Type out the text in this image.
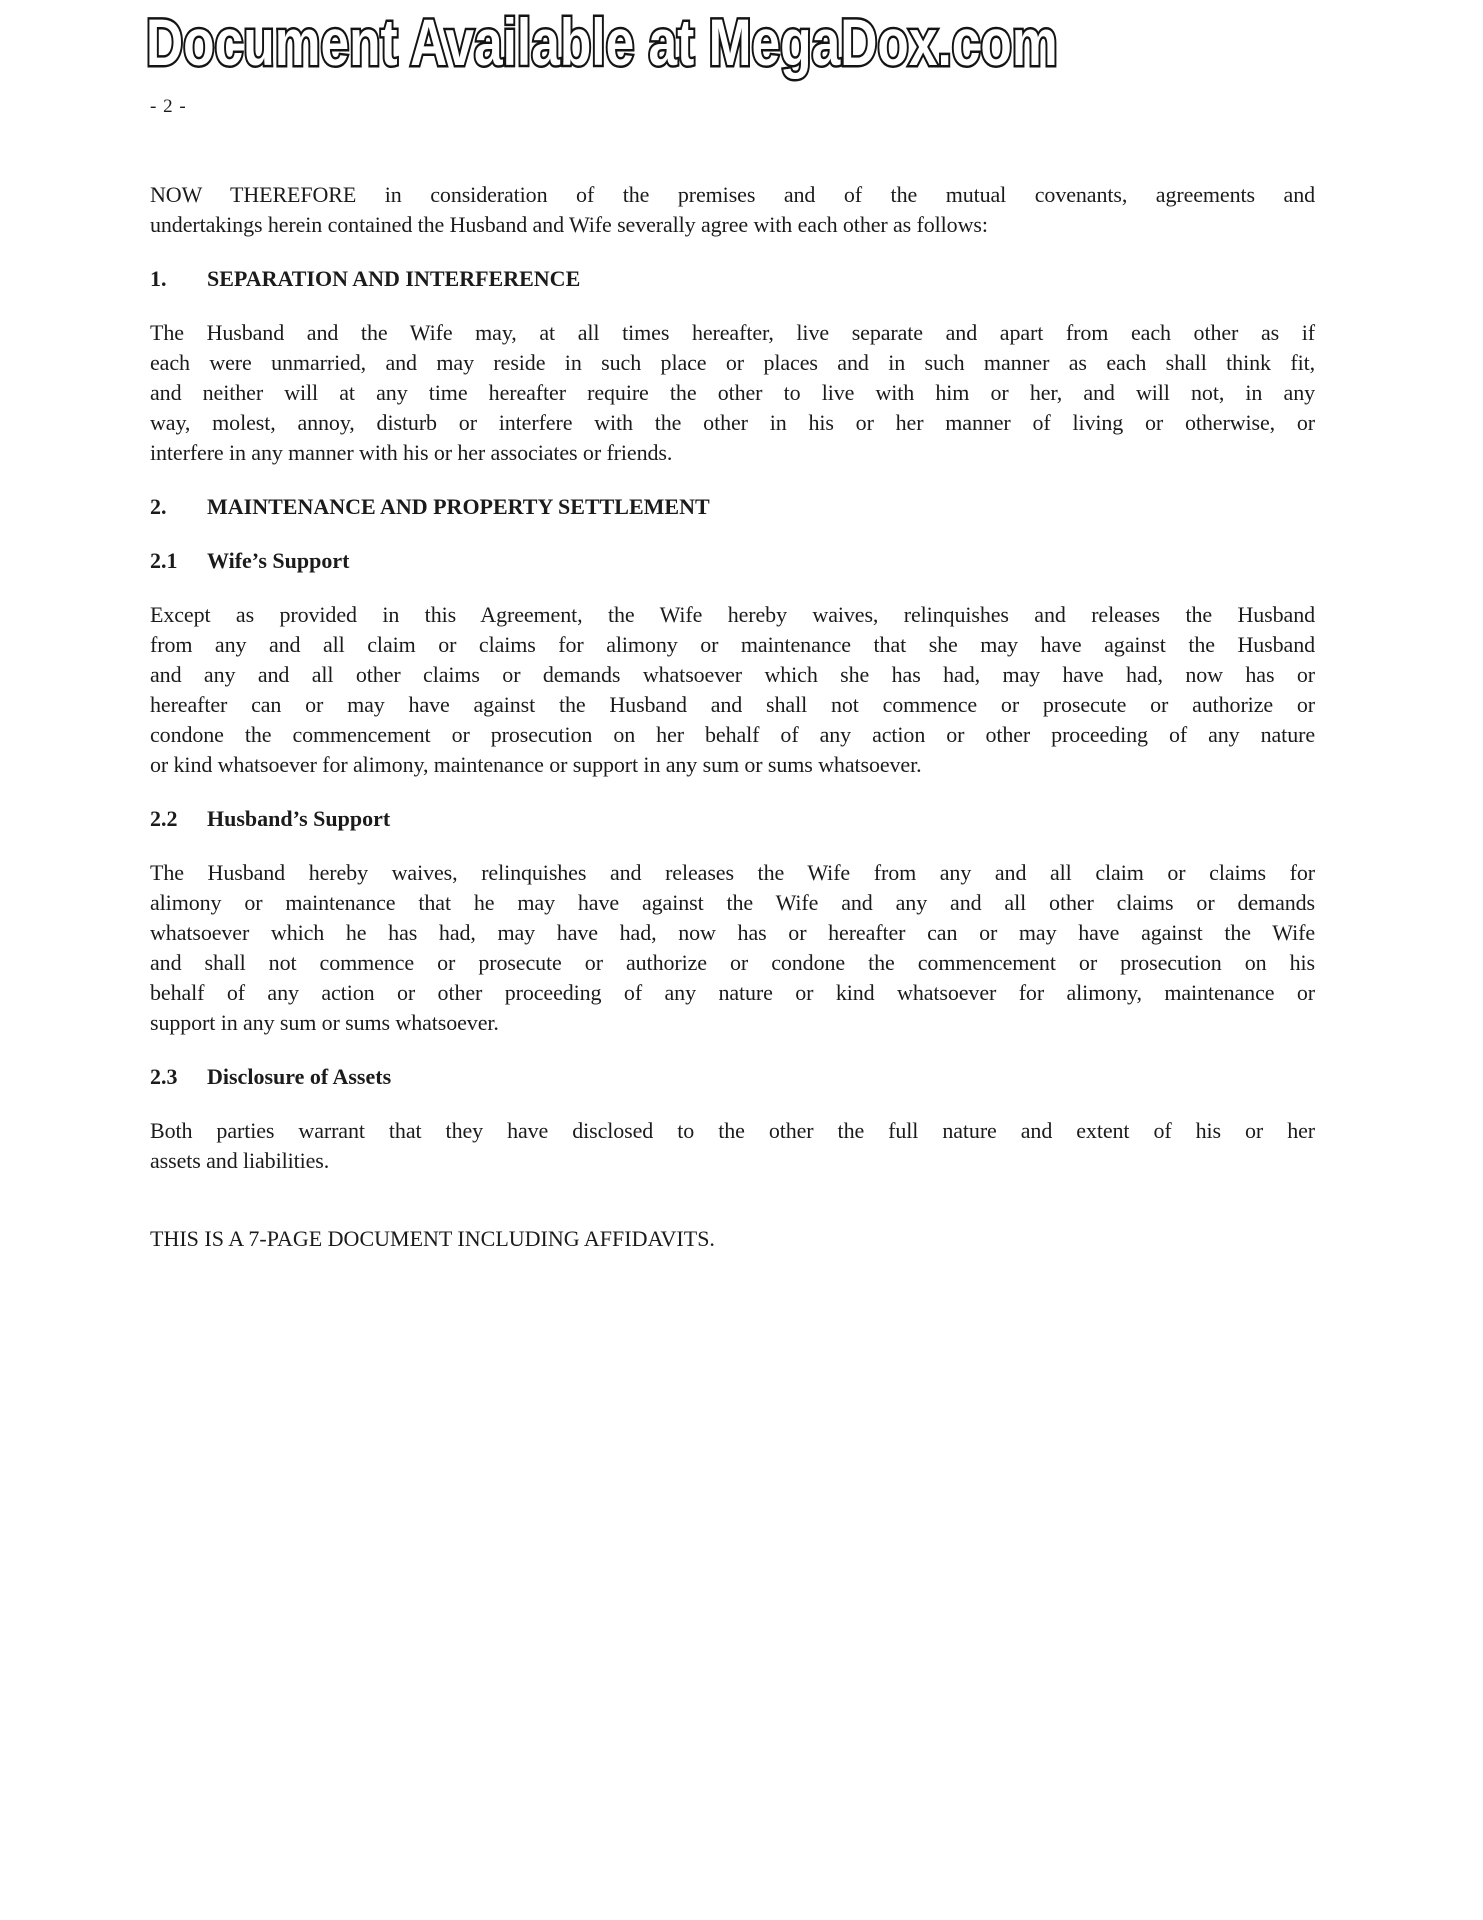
Document Available at MegaDox.com
- 2 -
NOW THEREFORE in consideration of the premises and of the mutual covenants, agreements and
undertakings herein contained the Husband and Wife severally agree with each other as follows:
1. SEPARATION AND INTERFERENCE
The Husband and the Wife may, at all times hereafter, live separate and apart from each other as if
each were unmarried, and may reside in such place or places and in such manner as each shall think fit,
and neither will at any time hereafter require the other to live with him or her, and will not, in any
way, molest, annoy, disturb or interfere with the other in his or her manner of living or otherwise, or
interfere in any manner with his or her associates or friends.
2. MAINTENANCE AND PROPERTY SETTLEMENT
2.1 Wife’s Support
Except as provided in this Agreement, the Wife hereby waives, relinquishes and releases the Husband
from any and all claim or claims for alimony or maintenance that she may have against the Husband
and any and all other claims or demands whatsoever which she has had, may have had, now has or
hereafter can or may have against the Husband and shall not commence or prosecute or authorize or
condone the commencement or prosecution on her behalf of any action or other proceeding of any nature
or kind whatsoever for alimony, maintenance or support in any sum or sums whatsoever.
2.2 Husband’s Support
The Husband hereby waives, relinquishes and releases the Wife from any and all claim or claims for
alimony or maintenance that he may have against the Wife and any and all other claims or demands
whatsoever which he has had, may have had, now has or hereafter can or may have against the Wife
and shall not commence or prosecute or authorize or condone the commencement or prosecution on his
behalf of any action or other proceeding of any nature or kind whatsoever for alimony, maintenance or
support in any sum or sums whatsoever.
2.3 Disclosure of Assets
Both parties warrant that they have disclosed to the other the full nature and extent of his or her
assets and liabilities.
THIS IS A 7-PAGE DOCUMENT INCLUDING AFFIDAVITS.
